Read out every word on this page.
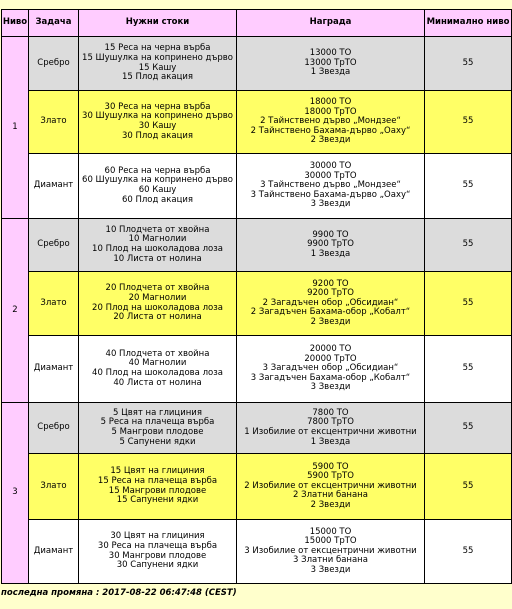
Ниво	Задача	Нужни стоки	Награда	Минимално ниво
1	Сребро	15 Реса на черна върба
15 Шушулка на копринено дърво
15 Кашу
15 Плод акация	13000 ТО
13000 ТрТО
1 Звезда	55
	Злато	30 Реса на черна върба
30 Шушулка на копринено дърво
30 Кашу
30 Плод акация	18000 ТО
18000 ТрТО
2 Тайнствено дърво „Мондзее“
2 Тайнствено Бахама-дърво „Оаху“
2 Звезди	55
	Диамант	60 Реса на черна върба
60 Шушулка на копринено дърво
60 Кашу
60 Плод акация	30000 ТО
30000 ТрТО
3 Тайнствено дърво „Мондзее“
3 Тайнствено Бахама-дърво „Оаху“
3 Звезди	55
2	Сребро	10 Плодчета от хвойна
10 Магнолии
10 Плод на шоколадова лоза
10 Листа от нолина	9900 ТО
9900 ТрТО
1 Звезда	55
	Злато	20 Плодчета от хвойна
20 Магнолии
20 Плод на шоколадова лоза
20 Листа от нолина	9200 ТО
9200 ТрТО
2 Загадъчен обор „Обсидиан“
2 Загадъчен Бахама-обор „Кобалт“
2 Звезди	55
	Диамант	40 Плодчета от хвойна
40 Магнолии
40 Плод на шоколадова лоза
40 Листа от нолина	20000 ТО
20000 ТрТО
3 Загадъчен обор „Обсидиан“
3 Загадъчен Бахама-обор „Кобалт“
3 Звезди	55
3	Сребро	5 Цвят на глициния
5 Реса на плачеща върба
5 Мангрови плодове
5 Сапунени ядки	7800 ТО
7800 ТрТО
1 Изобилие от ексцентрични животни
1 Звезда	55
	Злато	15 Цвят на глициния
15 Реса на плачеща върба
15 Мангрови плодове
15 Сапунени ядки	5900 ТО
5900 ТрТО
2 Изобилие от ексцентрични животни
2 Златни банана
2 Звезди	55
	Диамант	30 Цвят на глициния
30 Реса на плачеща върба
30 Мангрови плодове
30 Сапунени ядки	15000 ТО
15000 ТрТО
3 Изобилие от ексцентрични животни
3 Златни банана
3 Звезди	55
последна промяна : 2017-08-22 06:47:48 (CEST)
